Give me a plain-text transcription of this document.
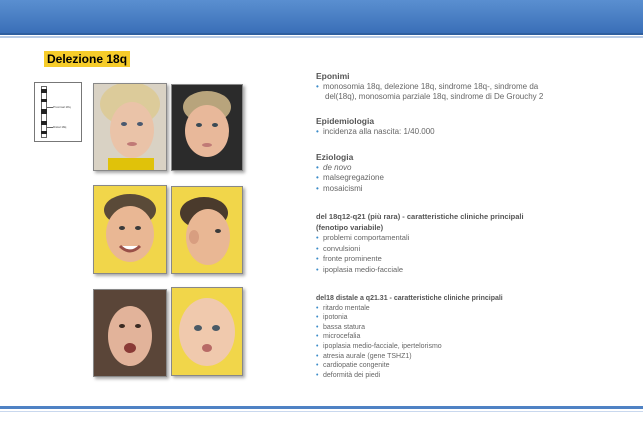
Delezione 18q
Proximal 18q
Distal 18q
Eponimi
• monosomia 18q, delezione 18q, sindrome 18q-, sindrome da
del(18q), monosomia parziale 18q, sindrome di De Grouchy 2
Epidemiologia
• incidenza alla nascita: 1/40.000
Eziologia
• de novo
• malsegregazione
• mosaicismi
del 18q12-q21 (più rara) - caratteristiche cliniche principali
(fenotipo variabile)
• problemi comportamentali
• convulsioni
• fronte prominente
• ipoplasia medio-facciale
del18 distale a q21.31 - caratteristiche cliniche principali
• ritardo mentale
• ipotonia
• bassa statura
• microcefalia
• ipoplasia medio-facciale, ipertelorismo
• atresia aurale (gene TSHZ1)
• cardiopatie congenite
• deformità dei piedi
